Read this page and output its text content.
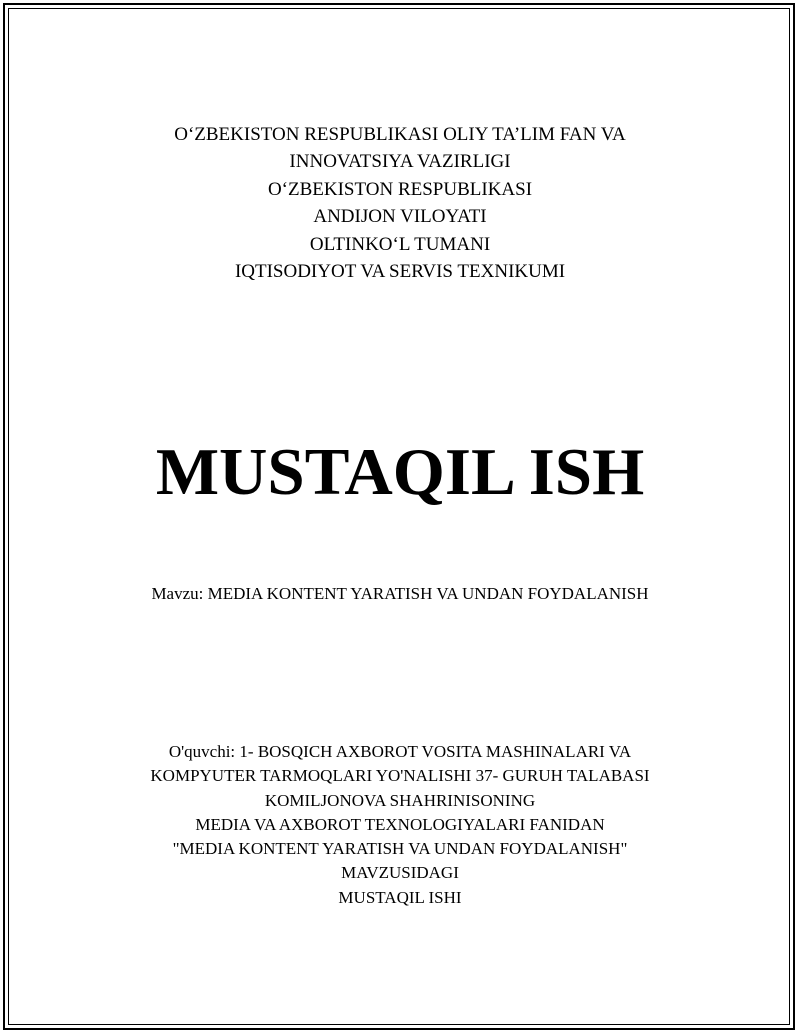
O‘ZBEKISTON RESPUBLIKASI OLIY TA’LIM FAN VA
INNOVATSIYA VAZIRLIGI
O‘ZBEKISTON RESPUBLIKASI
ANDIJON VILOYATI
OLTINKO‘L TUMANI
IQTISODIYOT VA SERVIS TEXNIKUMI
MUSTAQIL ISH
Mavzu: MEDIA KONTENT YARATISH VA UNDAN FOYDALANISH
O'quvchi: 1- BOSQICH AXBOROT VOSITA MASHINALARI VA
KOMPYUTER TARMOQLARI YO'NALISHI 37- GURUH TALABASI
KOMILJONOVA SHAHRINISONING
MEDIA VA AXBOROT TEXNOLOGIYALARI FANIDAN
"MEDIA KONTENT YARATISH VA UNDAN FOYDALANISH"
MAVZUSIDAGI
MUSTAQIL ISHI
